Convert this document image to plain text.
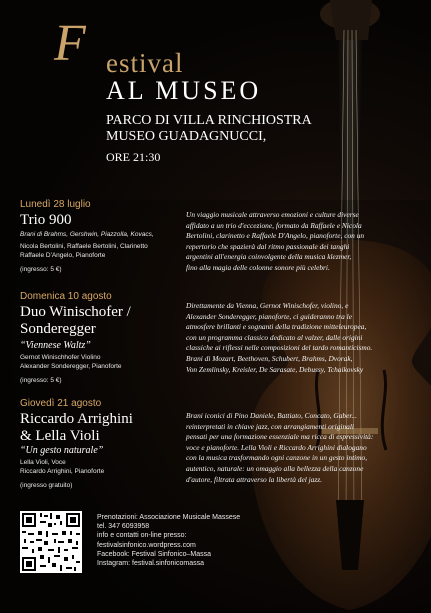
F estival
AL MUSEO
PARCO DI VILLA RINCHIOSTRA
MUSEO GUADAGNUCCI,
ORE 21:30
Lunedì 28 luglio
Trio 900
Brani di Brahms, Gershwin, Piazzolla, Kovacs,
Nicola Bertolini, Raffaele Bertolini, Clarinetto
Raffaele D'Angelo, Pianoforte
(ingresso: 5 €)
Un viaggio musicale attraverso emozioni e culture diverse
affidato a un trio d'eccezione, formato da Raffaele e Nicola
Bertolini, clarinetto e Raffaele D'Angelo, pianoforte, con un
repertorio che spazierà dal ritmo passionale dei tanghi
argentini all'energia coinvolgente della musica klezmer,
fino alla magia delle colonne sonore più celebri.
Domenica 10 agosto
Duo Winischofer /
Sonderegger
“Viennese Waltz”
Gernot Winischhofer Violino
Alexander Sonderegger, Pianoforte
(ingresso: 5 €)
Direttamente da Vienna, Gernot Winischofer, violino, e
Alexander Sonderegger, pianoforte, ci guideranno tra le
atmosfere brillanti e sognanti della tradizione mitteleuropea,
con un programma classico dedicato al valzer, dalle origini
classiche ai riflessi nelle composizioni del tardo romanticismo.
Brani di Mozart, Beethoven, Schubert, Brahms, Dvorak,
Von Zemlinsky, Kreisler, De Sarasate, Debussy, Tchaikovsky
Giovedì 21 agosto
Riccardo Arrighini
& Lella Violi
“Un gesto naturale”
Lella Violi, Voce
Riccardo Arrighini, Pianoforte
(ingresso gratuito)
Brani iconici di Pino Daniele, Battiato, Concato, Gaber...
reinterpretati in chiave jazz, con arrangiamenti originali
pensati per una formazione essenziale ma ricca di espressività:
voce e pianoforte. Lella Violi e Riccardo Arrighini dialogano
con la musica trasformando ogni canzone in un gesto intimo,
autentico, naturale: un omaggio alla bellezza della canzone
d'autore, filtrata attraverso la libertà del jazz.
Prenotazioni: Associazione Musicale Massese
tel. 347 6093958
info e contatti on-line presso:
festivalsinfonico.wordpress.com
Facebook: Festival Sinfonico–Massa
Instagram: festival.sinfonicomassa
